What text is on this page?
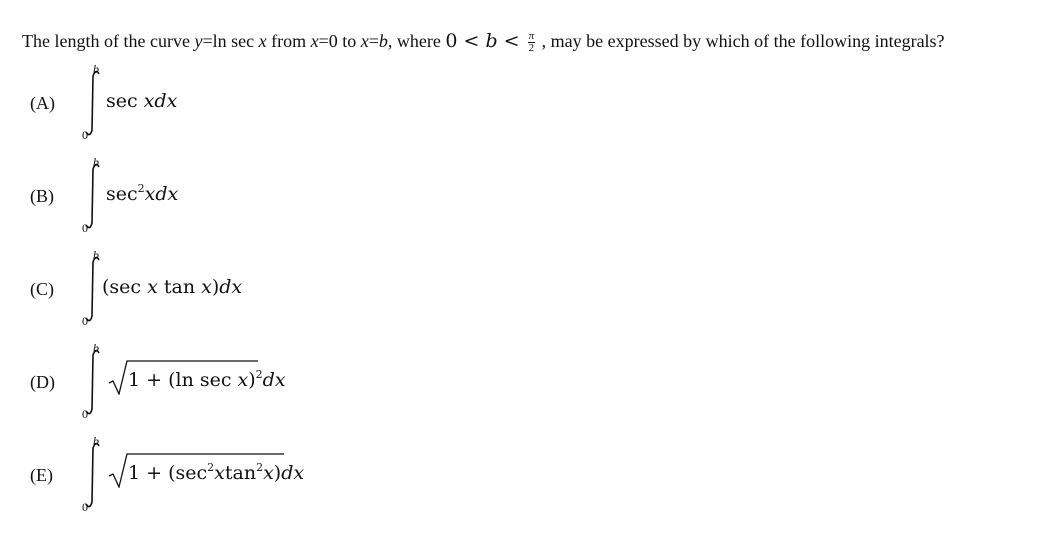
The length of the curve y=ln sec x from x=0 to x=b, where $0 < b < \frac{\pi}{2}$ , may be expressed by which of the following integrals?
(A)
b
0
sec xdx
(B)
b
0
$\sec^2xdx$
(C)
b
0
(sec x tan x)dx
(D)
b
0
1 + (ln sec x)$^2$dx
(E)
b
0
$1 + (\sec^2xtan^2x)dx$
